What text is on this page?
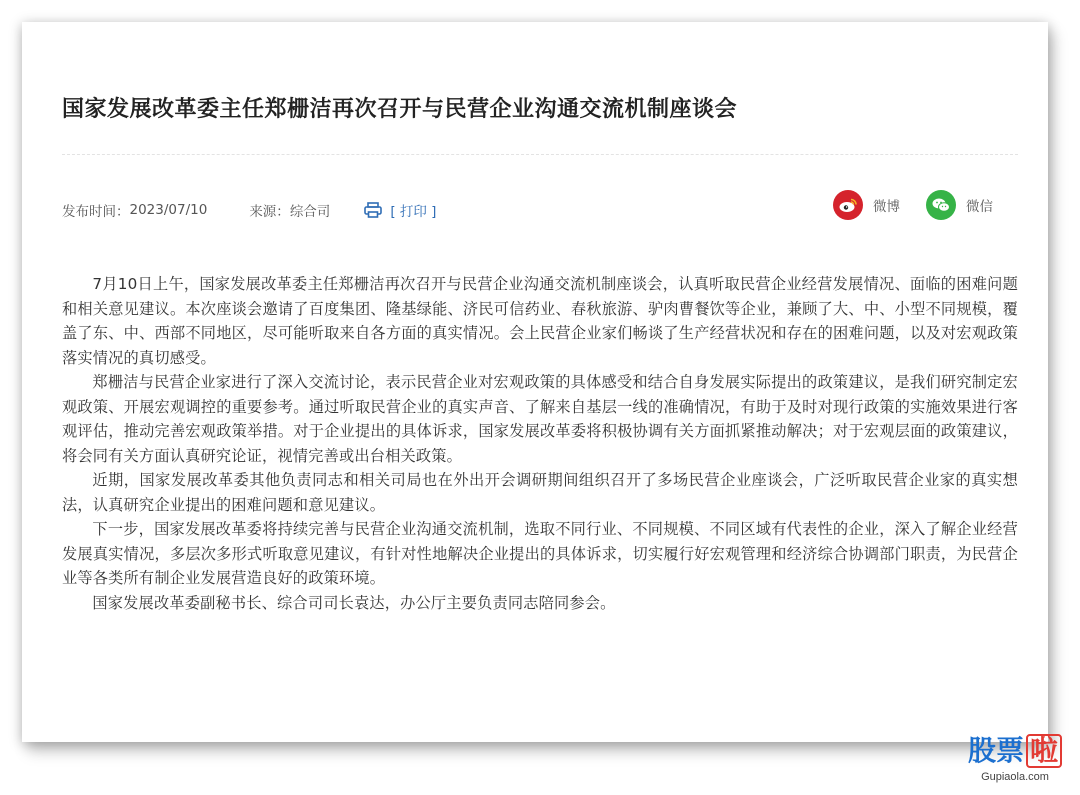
国家发展改革委主任郑栅洁再次召开与民营企业沟通交流机制座谈会
发布时间： 2023/07/10	来源： 综合司	[ 打印 ]	微博	微信

7月10日上午，国家发展改革委主任郑栅洁再次召开与民营企业沟通交流机制座谈会，认真听取民营企业经营发展情况、面临的困难问题和相关意见建议。本次座谈会邀请了百度集团、隆基绿能、济民可信药业、春秋旅游、驴肉曹餐饮等企业，兼顾了大、中、小型不同规模，覆盖了东、中、西部不同地区，尽可能听取来自各方面的真实情况。会上民营企业家们畅谈了生产经营状况和存在的困难问题，以及对宏观政策落实情况的真切感受。

郑栅洁与民营企业家进行了深入交流讨论，表示民营企业对宏观政策的具体感受和结合自身发展实际提出的政策建议，是我们研究制定宏观政策、开展宏观调控的重要参考。通过听取民营企业的真实声音、了解来自基层一线的准确情况，有助于及时对现行政策的实施效果进行客观评估，推动完善宏观政策举措。对于企业提出的具体诉求，国家发展改革委将积极协调有关方面抓紧推动解决；对于宏观层面的政策建议，将会同有关方面认真研究论证，视情完善或出台相关政策。

近期，国家发展改革委其他负责同志和相关司局也在外出开会调研期间组织召开了多场民营企业座谈会，广泛听取民营企业家的真实想法，认真研究企业提出的困难问题和意见建议。

下一步，国家发展改革委将持续完善与民营企业沟通交流机制，选取不同行业、不同规模、不同区域有代表性的企业，深入了解企业经营发展真实情况，多层次多形式听取意见建议，有针对性地解决企业提出的具体诉求，切实履行好宏观管理和经济综合协调部门职责，为民营企业等各类所有制企业发展营造良好的政策环境。

国家发展改革委副秘书长、综合司司长袁达，办公厅主要负责同志陪同参会。

股票 啦
Gupiaola.com
